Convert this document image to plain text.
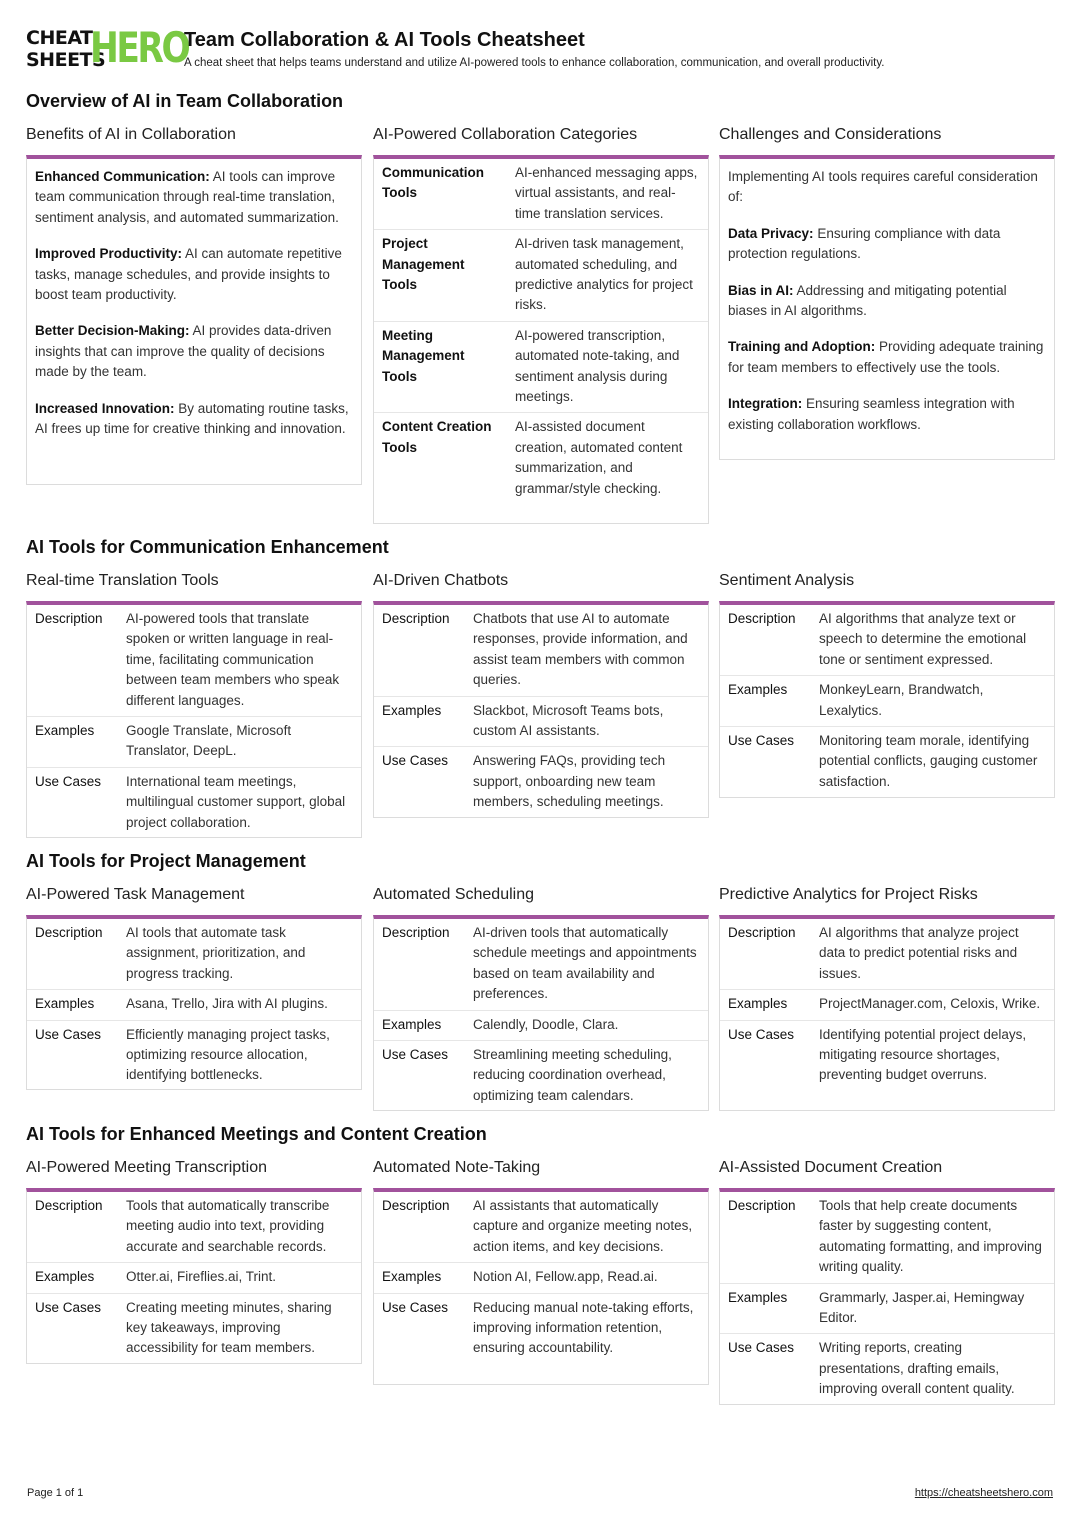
CHEAT
SHEETS
HERO
Team Collaboration & AI Tools Cheatsheet
A cheat sheet that helps teams understand and utilize AI-powered tools to enhance collaboration, communication, and overall productivity.
Overview of AI in Team Collaboration
Benefits of AI in Collaboration

Enhanced Communication: AI tools can improve team communication through real-time translation, sentiment analysis, and automated summarization.

Improved Productivity: AI can automate repetitive tasks, manage schedules, and provide insights to boost team productivity.

Better Decision-Making: AI provides data-driven insights that can improve the quality of decisions made by the team.

Increased Innovation: By automating routine tasks, AI frees up time for creative thinking and innovation.

AI-Powered Collaboration Categories
Communication Tools	AI-enhanced messaging apps, virtual assistants, and real-time translation services.
Project Management Tools	AI-driven task management, automated scheduling, and predictive analytics for project risks.
Meeting Management Tools	AI-powered transcription, automated note-taking, and sentiment analysis during meetings.
Content Creation Tools	AI-assisted document creation, automated content summarization, and grammar/style checking.
Challenges and Considerations

Implementing AI tools requires careful consideration of:

Data Privacy: Ensuring compliance with data protection regulations.

Bias in AI: Addressing and mitigating potential biases in AI algorithms.

Training and Adoption: Providing adequate training for team members to effectively use the tools.

Integration: Ensuring seamless integration with existing collaboration workflows.

AI Tools for Communication Enhancement
Real-time Translation Tools
Description	AI-powered tools that translate spoken or written language in real-time, facilitating communication between team members who speak different languages.
Examples	Google Translate, Microsoft Translator, DeepL.
Use Cases	International team meetings, multilingual customer support, global project collaboration.
AI-Driven Chatbots
Description	Chatbots that use AI to automate responses, provide information, and assist team members with common queries.
Examples	Slackbot, Microsoft Teams bots, custom AI assistants.
Use Cases	Answering FAQs, providing tech support, onboarding new team members, scheduling meetings.
Sentiment Analysis
Description	AI algorithms that analyze text or speech to determine the emotional tone or sentiment expressed.
Examples	MonkeyLearn, Brandwatch, Lexalytics.
Use Cases	Monitoring team morale, identifying potential conflicts, gauging customer satisfaction.
AI Tools for Project Management
AI-Powered Task Management
Description	AI tools that automate task assignment, prioritization, and progress tracking.
Examples	Asana, Trello, Jira with AI plugins.
Use Cases	Efficiently managing project tasks, optimizing resource allocation, identifying bottlenecks.
Automated Scheduling
Description	AI-driven tools that automatically schedule meetings and appointments based on team availability and preferences.
Examples	Calendly, Doodle, Clara.
Use Cases	Streamlining meeting scheduling, reducing coordination overhead, optimizing team calendars.
Predictive Analytics for Project Risks
Description	AI algorithms that analyze project data to predict potential risks and issues.
Examples	ProjectManager.com, Celoxis, Wrike.
Use Cases	Identifying potential project delays, mitigating resource shortages, preventing budget overruns.
AI Tools for Enhanced Meetings and Content Creation
AI-Powered Meeting Transcription
Description	Tools that automatically transcribe meeting audio into text, providing accurate and searchable records.
Examples	Otter.ai, Fireflies.ai, Trint.
Use Cases	Creating meeting minutes, sharing key takeaways, improving accessibility for team members.
Automated Note-Taking
Description	AI assistants that automatically capture and organize meeting notes, action items, and key decisions.
Examples	Notion AI, Fellow.app, Read.ai.
Use Cases	Reducing manual note-taking efforts, improving information retention, ensuring accountability.
AI-Assisted Document Creation
Description	Tools that help create documents faster by suggesting content, automating formatting, and improving writing quality.
Examples	Grammarly, Jasper.ai, Hemingway Editor.
Use Cases	Writing reports, creating presentations, drafting emails, improving overall content quality.
Page 1 of 1	https://cheatsheetshero.com
